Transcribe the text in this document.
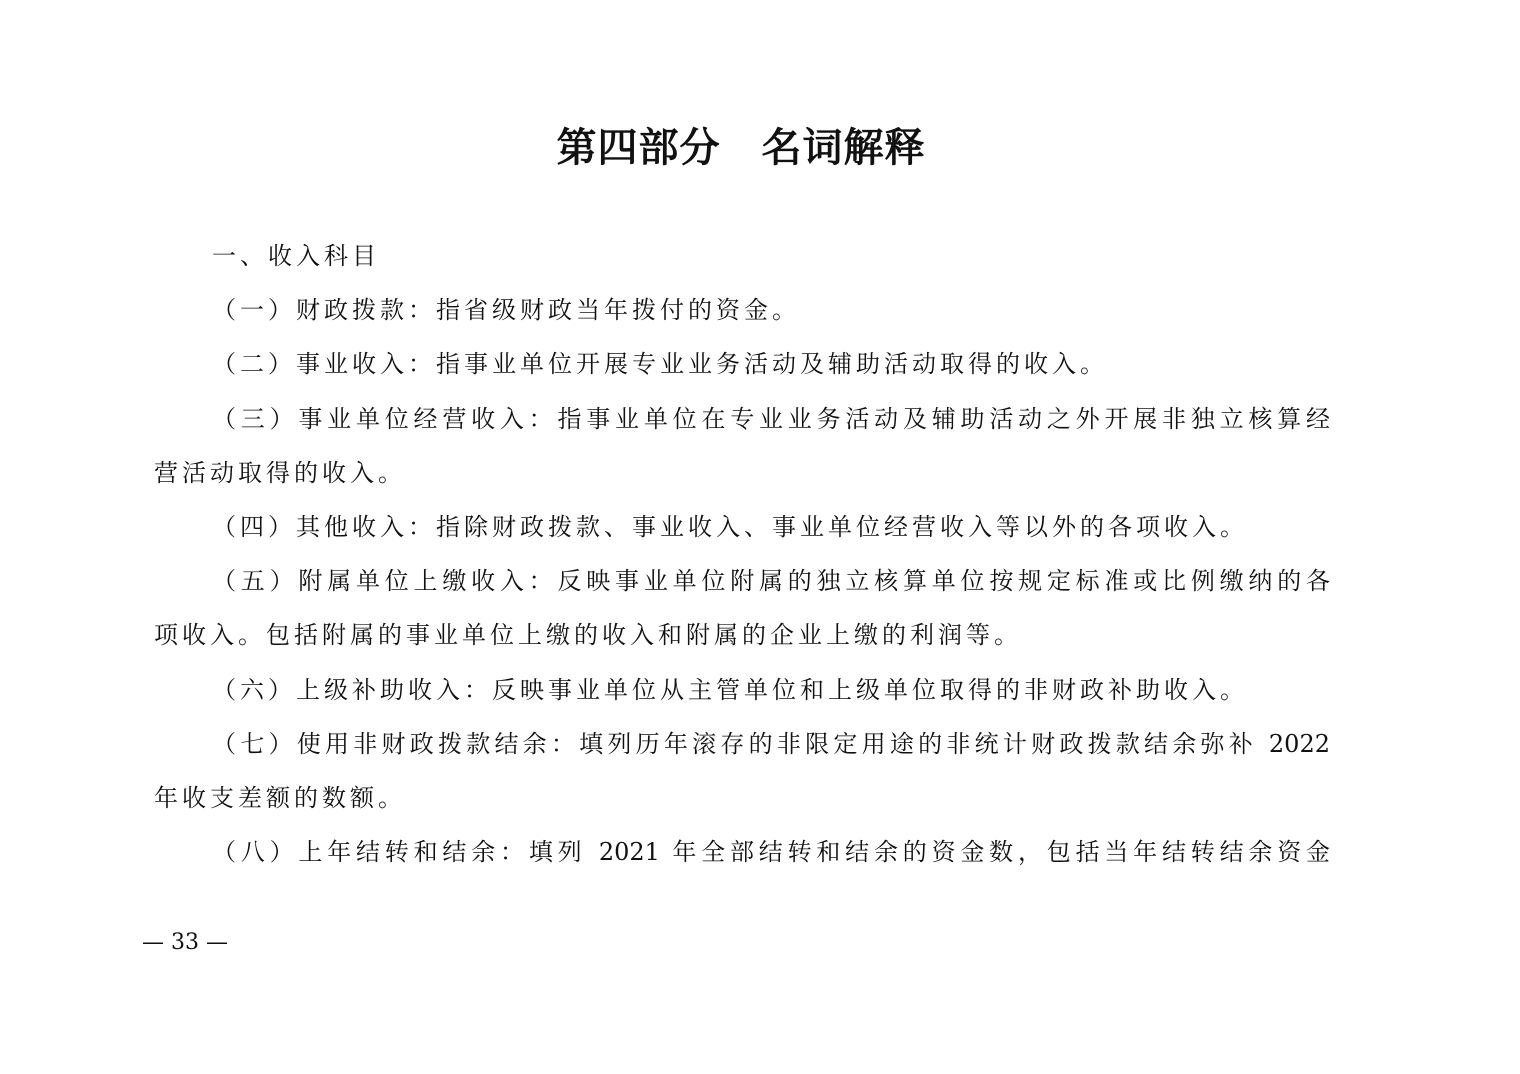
第四部分　名词解释
一、收入科目
（一）财政拨款：指省级财政当年拨付的资金。
（二）事业收入：指事业单位开展专业业务活动及辅助活动取得的收入。
（三）事业单位经营收入：指事业单位在专业业务活动及辅助活动之外开展非独立核算经
营活动取得的收入。
（四）其他收入：指除财政拨款、事业收入、事业单位经营收入等以外的各项收入。
（五）附属单位上缴收入：反映事业单位附属的独立核算单位按规定标准或比例缴纳的各
项收入。包括附属的事业单位上缴的收入和附属的企业上缴的利润等。
（六）上级补助收入：反映事业单位从主管单位和上级单位取得的非财政补助收入。
（七）使用非财政拨款结余：填列历年滚存的非限定用途的非统计财政拨款结余弥补 2022
年收支差额的数额。
（八）上年结转和结余：填列 2021 年全部结转和结余的资金数，包括当年结转结余资金
— 33 —
